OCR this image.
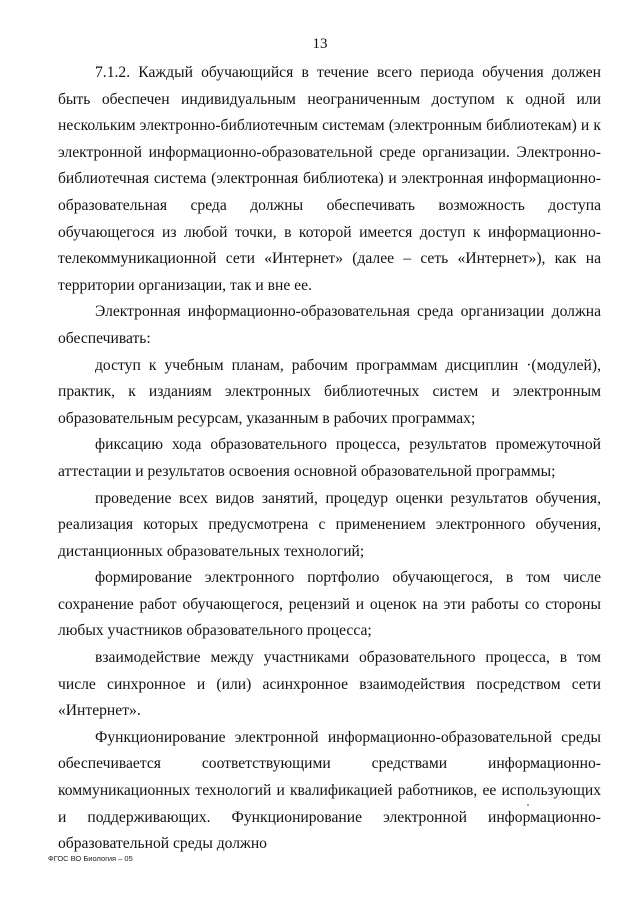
13

7.1.2. Каждый обучающийся в течение всего периода обучения должен быть обеспечен индивидуальным неограниченным доступом к одной или нескольким электронно-библиотечным системам (электронным библиотекам) и к электронной информационно-образовательной среде организации. Электронно-библиотечная система (электронная библиотека) и электронная информационно-образовательная среда должны обеспечивать возможность доступа обучающегося из любой точки, в которой имеется доступ к информационно-телекоммуникационной сети «Интернет» (далее – сеть «Интернет»), как на территории организации, так и вне ее.

Электронная информационно-образовательная среда организации должна обеспечивать:

доступ к учебным планам, рабочим программам дисциплин ·(модулей), практик, к изданиям электронных библиотечных систем и электронным образовательным ресурсам, указанным в рабочих программах;

фиксацию хода образовательного процесса, результатов промежуточной аттестации и результатов освоения основной образовательной программы;

проведение всех видов занятий, процедур оценки результатов обучения, реализация которых предусмотрена с применением электронного обучения, дистанционных образовательных технологий;

формирование электронного портфолио обучающегося, в том числе сохранение работ обучающегося, рецензий и оценок на эти работы со стороны любых участников образовательного процесса;

взаимодействие между участниками образовательного процесса, в том числе синхронное и (или) асинхронное взаимодействия посредством сети «Интернет».

Функционирование электронной информационно-образовательной среды обеспечивается соответствующими средствами информационно-коммуникационных технологий и квалификацией работников, ее использующих и поддерживающих. Функционирование электронной информационно-образовательной среды должно

ФГОС ВО Биология – 05
